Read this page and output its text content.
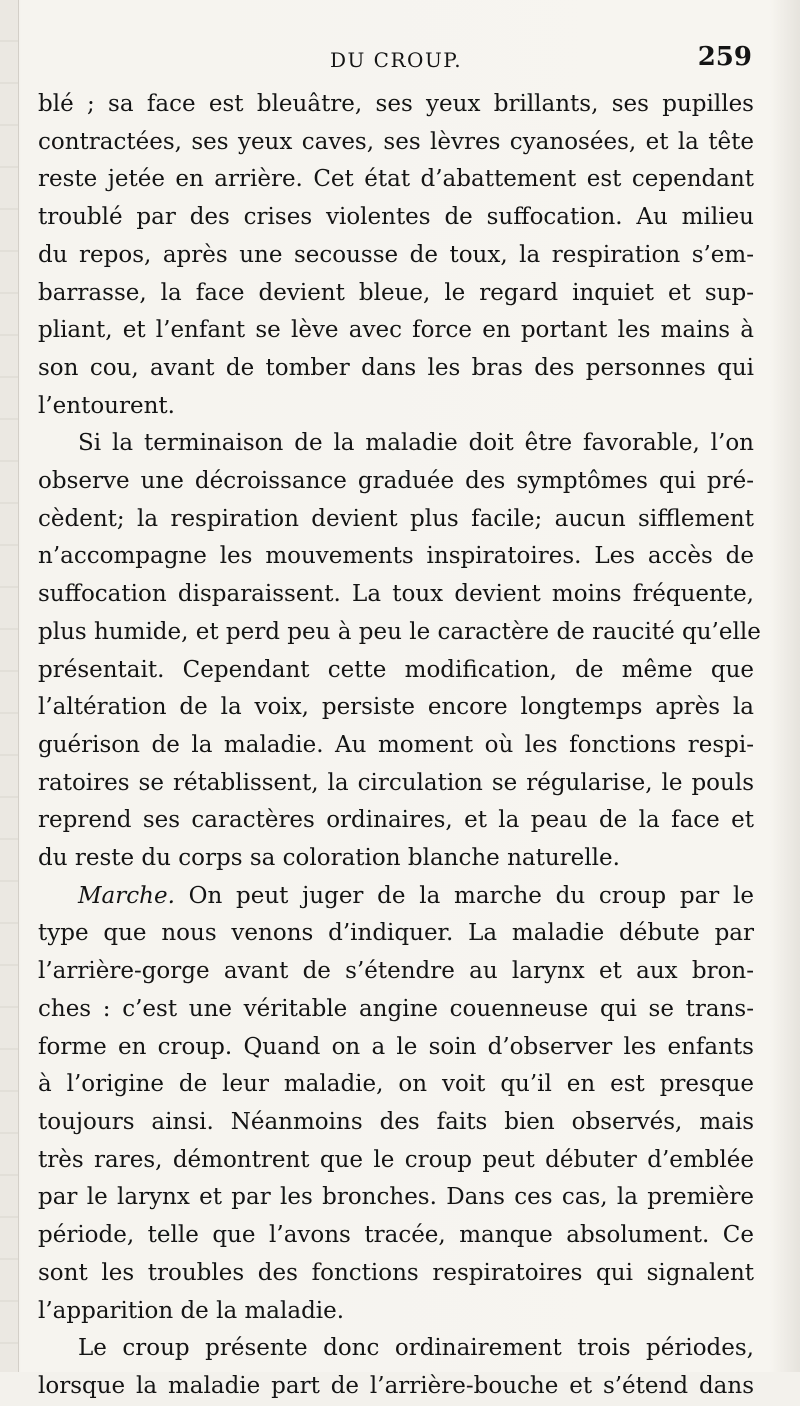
DU CROUP.	259
blé ; sa face est bleuâtre, ses yeux brillants, ses pupilles
contractées, ses yeux caves, ses lèvres cyanosées, et la tête
reste jetée en arrière. Cet état d’abattement est cependant
troublé par des crises violentes de suffocation. Au milieu
du repos, après une secousse de toux, la respiration s’em-
barrasse, la face devient bleue, le regard inquiet et sup-
pliant, et l’enfant se lève avec force en portant les mains à
son cou, avant de tomber dans les bras des personnes qui
l’entourent.
Si la terminaison de la maladie doit être favorable, l’on
observe une décroissance graduée des symptômes qui pré-
cèdent; la respiration devient plus facile; aucun sifflement
n’accompagne les mouvements inspiratoires. Les accès de
suffocation disparaissent. La toux devient moins fréquente,
plus humide, et perd peu à peu le caractère de raucité qu’elle
présentait. Cependant cette modification, de même que
l’altération de la voix, persiste encore longtemps après la
guérison de la maladie. Au moment où les fonctions respi-
ratoires se rétablissent, la circulation se régularise, le pouls
reprend ses caractères ordinaires, et la peau de la face et
du reste du corps sa coloration blanche naturelle.
Marche. On peut juger de la marche du croup par le
type que nous venons d’indiquer. La maladie débute par
l’arrière-gorge avant de s’étendre au larynx et aux bron-
ches : c’est une véritable angine couenneuse qui se trans-
forme en croup. Quand on a le soin d’observer les enfants
à l’origine de leur maladie, on voit qu’il en est presque
toujours ainsi. Néanmoins des faits bien observés, mais
très rares, démontrent que le croup peut débuter d’emblée
par le larynx et par les bronches. Dans ces cas, la première
période, telle que l’avons tracée, manque absolument. Ce
sont les troubles des fonctions respiratoires qui signalent
l’apparition de la maladie.
Le croup présente donc ordinairement trois périodes,
lorsque la maladie part de l’arrière-bouche et s’étend dans
